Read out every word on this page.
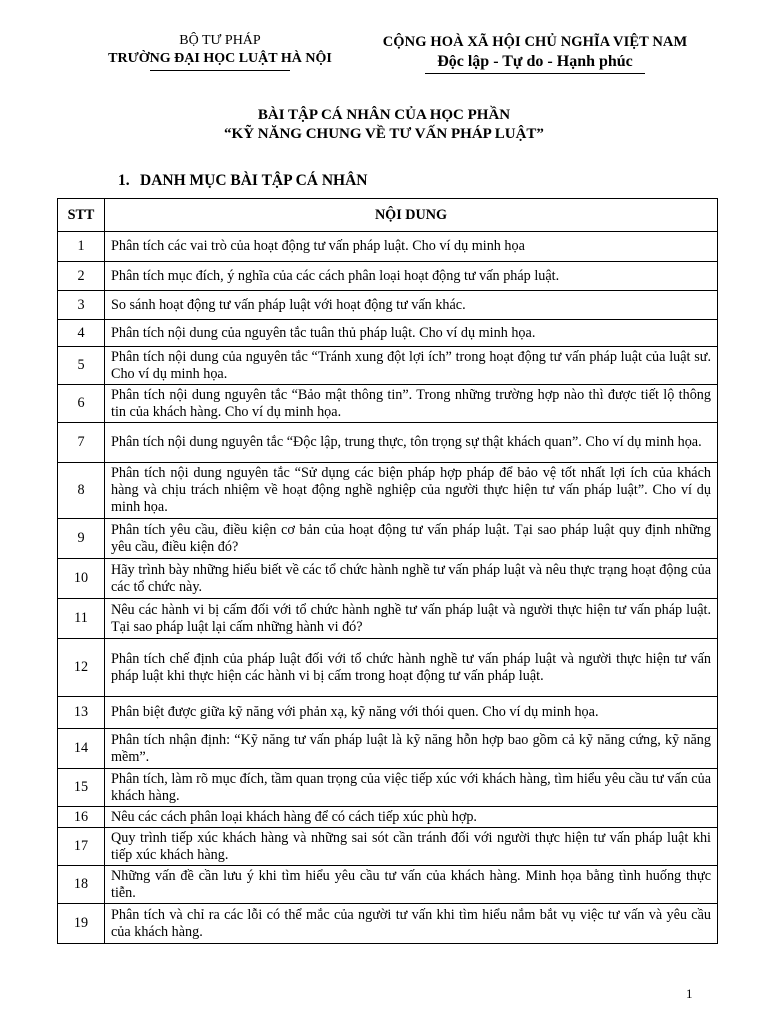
BỘ TƯ PHÁP
TRƯỜNG ĐẠI HỌC LUẬT HÀ NỘI
CỘNG HOÀ XÃ HỘI CHỦ NGHĨA VIỆT NAM
Độc lập - Tự do - Hạnh phúc
BÀI TẬP CÁ NHÂN CỦA HỌC PHẦN
“KỸ NĂNG CHUNG VỀ TƯ VẤN PHÁP LUẬT”
1. DANH MỤC BÀI TẬP CÁ NHÂN
STT	NỘI DUNG
1	Phân tích các vai trò của hoạt động tư vấn pháp luật. Cho ví dụ minh họa
2	Phân tích mục đích, ý nghĩa của các cách phân loại hoạt động tư vấn pháp luật.
3	So sánh hoạt động tư vấn pháp luật với hoạt động tư vấn khác.
4	Phân tích nội dung của nguyên tắc tuân thủ pháp luật. Cho ví dụ minh họa.
5	Phân tích nội dung của nguyên tắc “Tránh xung đột lợi ích” trong hoạt động tư vấn pháp luật của luật sư. Cho ví dụ minh họa.
6	Phân tích nội dung nguyên tắc “Bảo mật thông tin”. Trong những trường hợp nào thì được tiết lộ thông tin của khách hàng. Cho ví dụ minh họa.
7	Phân tích nội dung nguyên tắc “Độc lập, trung thực, tôn trọng sự thật khách quan”. Cho ví dụ minh họa.
8	Phân tích nội dung nguyên tắc “Sử dụng các biện pháp hợp pháp để bảo vệ tốt nhất lợi ích của khách hàng và chịu trách nhiệm về hoạt động nghề nghiệp của người thực hiện tư vấn pháp luật”. Cho ví dụ minh họa.
9	Phân tích yêu cầu, điều kiện cơ bản của hoạt động tư vấn pháp luật. Tại sao pháp luật quy định những yêu cầu, điều kiện đó?
10	Hãy trình bày những hiểu biết về các tổ chức hành nghề tư vấn pháp luật và nêu thực trạng hoạt động của các tổ chức này.
11	Nêu các hành vi bị cấm đối với tổ chức hành nghề tư vấn pháp luật và người thực hiện tư vấn pháp luật. Tại sao pháp luật lại cấm những hành vi đó?
12	Phân tích chế định của pháp luật đối với tổ chức hành nghề tư vấn pháp luật và người thực hiện tư vấn pháp luật khi thực hiện các hành vi bị cấm trong hoạt động tư vấn pháp luật.
13	Phân biệt được giữa kỹ năng với phản xạ, kỹ năng với thói quen. Cho ví dụ minh họa.
14	Phân tích nhận định: “Kỹ năng tư vấn pháp luật là kỹ năng hỗn hợp bao gồm cả kỹ năng cứng, kỹ năng mềm”.
15	Phân tích, làm rõ mục đích, tầm quan trọng của việc tiếp xúc với khách hàng, tìm hiểu yêu cầu tư vấn của khách hàng.
16	Nêu các cách phân loại khách hàng để có cách tiếp xúc phù hợp.
17	Quy trình tiếp xúc khách hàng và những sai sót cần tránh đối với người thực hiện tư vấn pháp luật khi tiếp xúc khách hàng.
18	Những vấn đề cần lưu ý khi tìm hiểu yêu cầu tư vấn của khách hàng. Minh họa bằng tình huống thực tiễn.
19	Phân tích và chỉ ra các lỗi có thể mắc của người tư vấn khi tìm hiểu nắm bắt vụ việc tư vấn và yêu cầu của khách hàng.
1
